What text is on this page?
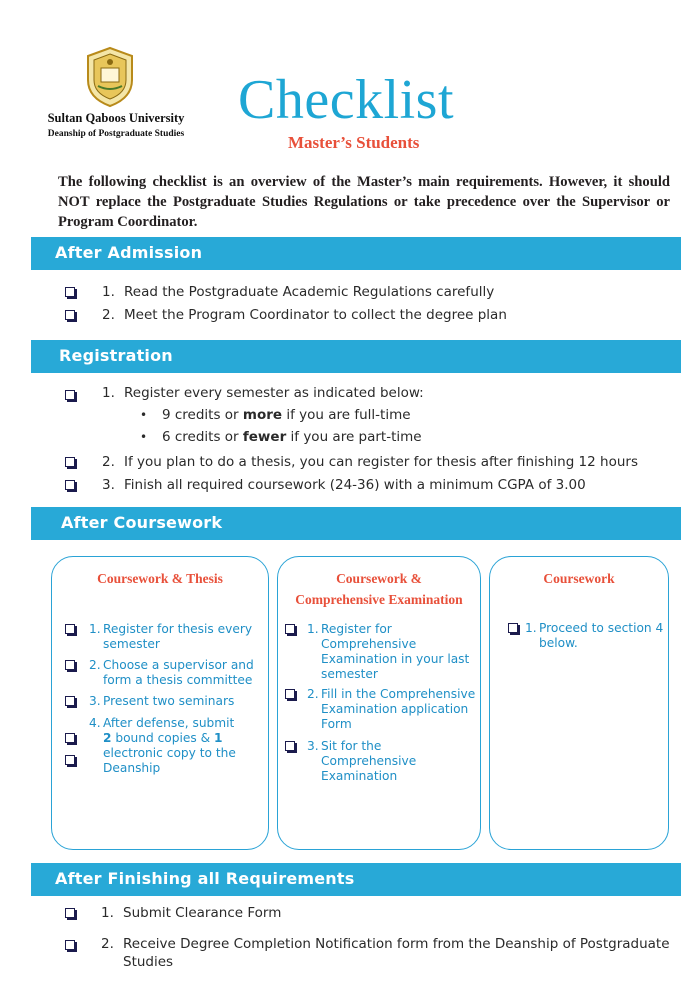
Sultan Qaboos University
Deanship of Postgraduate Studies
Checklist
Master’s Students
The following checklist is an overview of the Master’s main requirements. However, it should NOT replace the Postgraduate Studies Regulations or take precedence over the Supervisor or Program Coordinator.
After Admission
1. Read the Postgraduate Academic Regulations carefully
2. Meet the Program Coordinator to collect the degree plan
Registration
1. Register every semester as indicated below:
• 9 credits or more if you are full-time
• 6 credits or fewer if you are part-time
2. If you plan to do a thesis, you can register for thesis after finishing 12 hours
3. Finish all required coursework (24-36) with a minimum CGPA of 3.00
After Coursework
Coursework & Thesis
1. Register for thesis every
semester
2. Choose a supervisor and
form a thesis committee
3. Present two seminars
4. After defense, submit
2 bound copies & 1
electronic copy to the
Deanship
Coursework &
Comprehensive Examination
1. Register for
Comprehensive
Examination in your last
semester
2. Fill in the Comprehensive
Examination application
Form
3. Sit for the
Comprehensive
Examination
Coursework
1. Proceed to section 4
below.
After Finishing all Requirements
1. Submit Clearance Form
2. Receive Degree Completion Notification form from the Deanship of Postgraduate
Studies
